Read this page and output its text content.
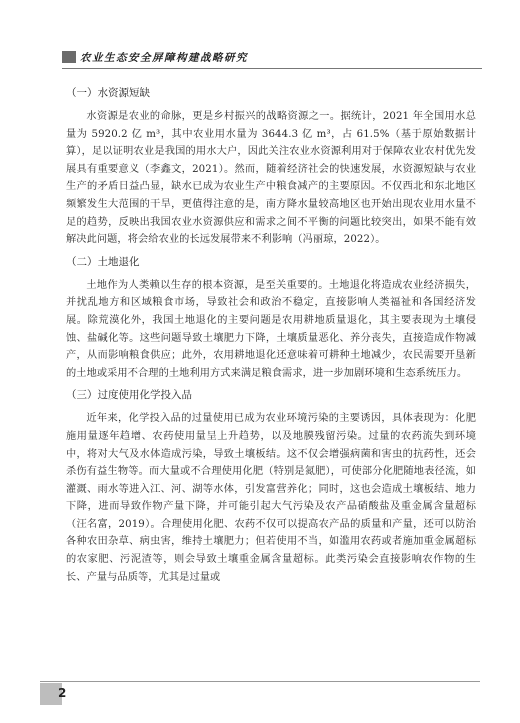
农业生态安全屏障构建战略研究
（一）水资源短缺

水资源是农业的命脉，更是乡村振兴的战略资源之一。据统计，2021 年全国用水总量为 5920.2 亿 m³，其中农业用水量为 3644.3 亿 m³，占 61.5%（基于原始数据计算），足以证明农业是我国的用水大户，因此关注农业水资源利用对于保障农业农村优先发展具有重要意义（李鑫文，2021）。然而，随着经济社会的快速发展，水资源短缺与农业生产的矛盾日益凸显，缺水已成为农业生产中粮食减产的主要原因。不仅西北和东北地区频繁发生大范围的干旱，更值得注意的是，南方降水量较高地区也开始出现农业用水量不足的趋势，反映出我国农业水资源供应和需求之间不平衡的问题比较突出，如果不能有效解决此问题，将会给农业的长远发展带来不利影响（冯丽琼，2022）。

（二）土地退化

土地作为人类赖以生存的根本资源，是至关重要的。土地退化将造成农业经济损失，并扰乱地方和区域粮食市场，导致社会和政治不稳定，直接影响人类福祉和各国经济发展。除荒漠化外，我国土地退化的主要问题是农用耕地质量退化，其主要表现为土壤侵蚀、盐碱化等。这些问题导致土壤肥力下降，土壤质量恶化、养分丧失，直接造成作物减产，从而影响粮食供应；此外，农用耕地退化还意味着可耕种土地减少，农民需要开垦新的土地或采用不合理的土地利用方式来满足粮食需求，进一步加剧环境和生态系统压力。

（三）过度使用化学投入品

近年来，化学投入品的过量使用已成为农业环境污染的主要诱因，具体表现为：化肥施用量逐年趋增、农药使用量呈上升趋势，以及地膜残留污染。过量的农药流失到环境中，将对大气及水体造成污染，导致土壤板结。这不仅会增强病菌和害虫的抗药性，还会杀伤有益生物等。而大量或不合理使用化肥（特别是氮肥），可使部分化肥随地表径流，如灌溉、雨水等进入江、河、湖等水体，引发富营养化；同时，这也会造成土壤板结、地力下降，进而导致作物产量下降，并可能引起大气污染及农产品硝酸盐及重金属含量超标（汪名富，2019）。合理使用化肥、农药不仅可以提高农产品的质量和产量，还可以防治各种农田杂草、病虫害，维持土壤肥力；但若使用不当，如滥用农药或者施加重金属超标的农家肥、污泥渣等，则会导致土壤重金属含量超标。此类污染会直接影响农作物的生长、产量与品质等，尤其是过量或

2
